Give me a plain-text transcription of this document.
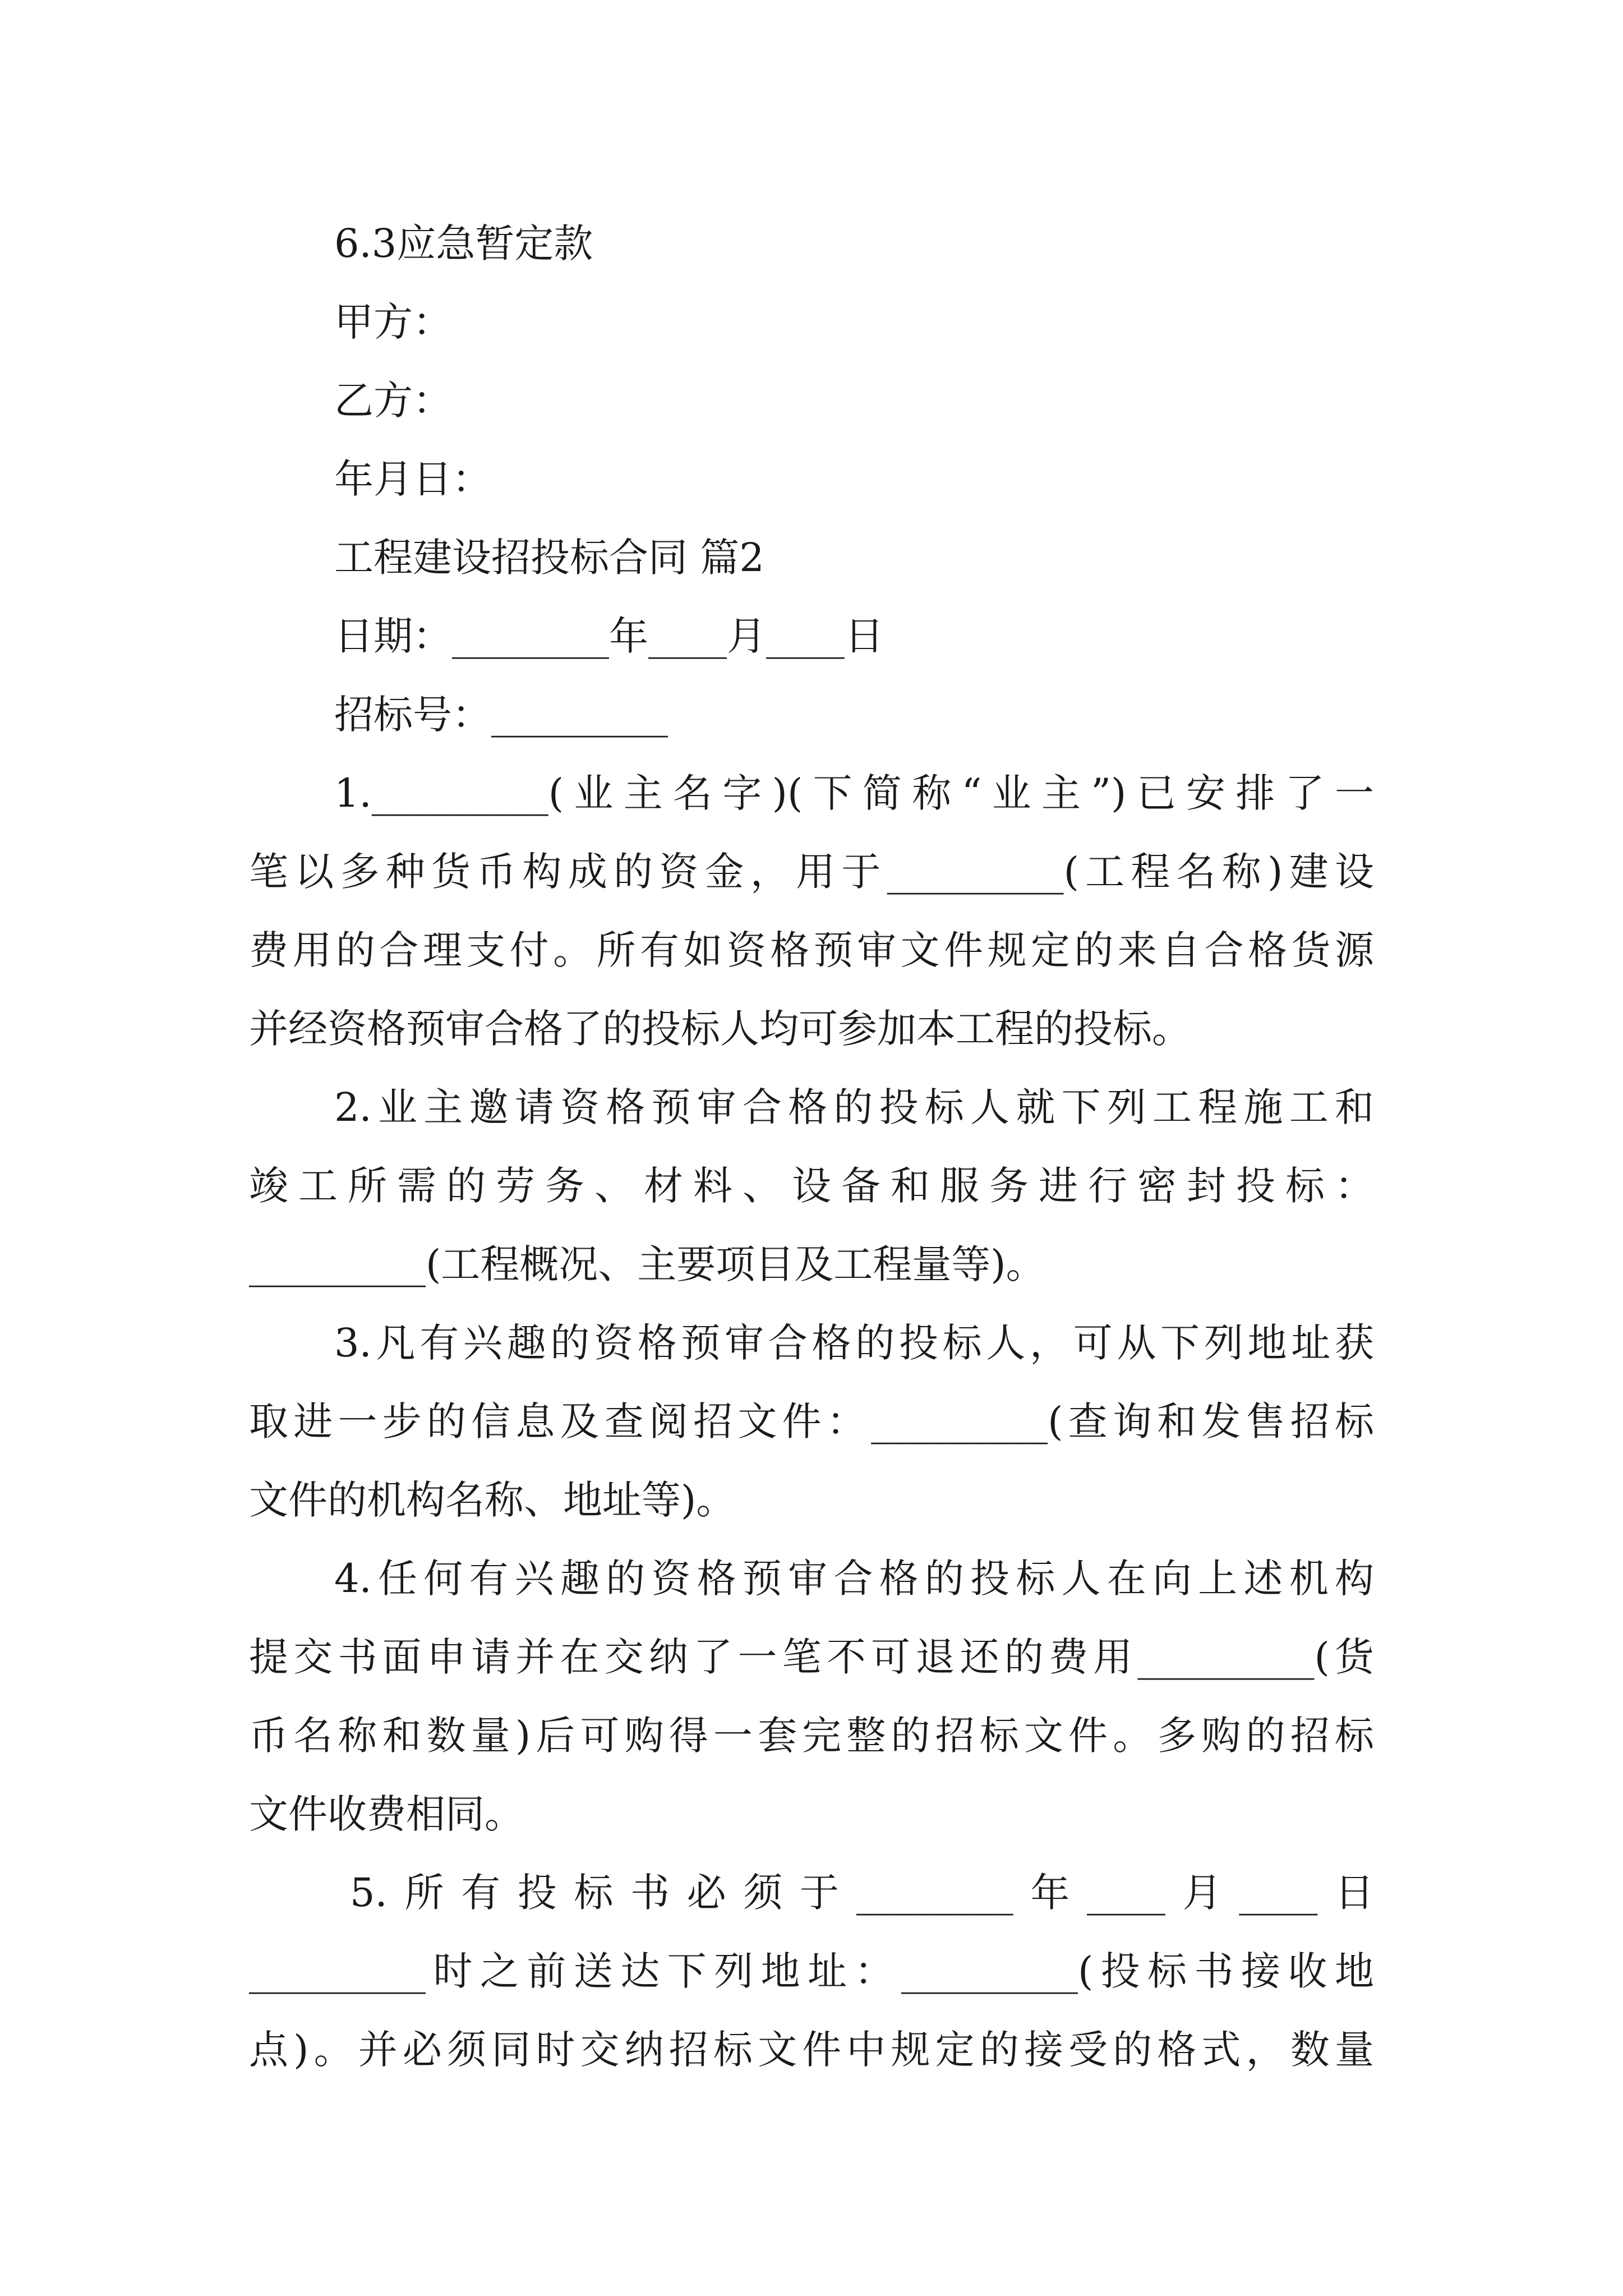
6.3应急暂定款
甲方：
乙方：
年月日：
工程建设招投标合同 篇2
日期：________年____月____日
招标号：_________
1._________(业主名字)(下简称“业主”)已安排了一
笔以多种货币构成的资金，用于_________(工程名称)建设
费用的合理支付。所有如资格预审文件规定的来自合格货源
并经资格预审合格了的投标人均可参加本工程的投标。
2.业主邀请资格预审合格的投标人就下列工程施工和
竣工所需的劳务、材料、设备和服务进行密封投标：
_________(工程概况、主要项目及工程量等)。
3.凡有兴趣的资格预审合格的投标人，可从下列地址获
取进一步的信息及查阅招文件：_________(查询和发售招标
文件的机构名称、地址等)。
4.任何有兴趣的资格预审合格的投标人在向上述机构
提交书面申请并在交纳了一笔不可退还的费用_________(货
币名称和数量)后可购得一套完整的招标文件。多购的招标
文件收费相同。
5.所有投标书必须于________年____月____日
_________时之前送达下列地址：_________(投标书接收地
点)。并必须同时交纳招标文件中规定的接受的格式，数量
